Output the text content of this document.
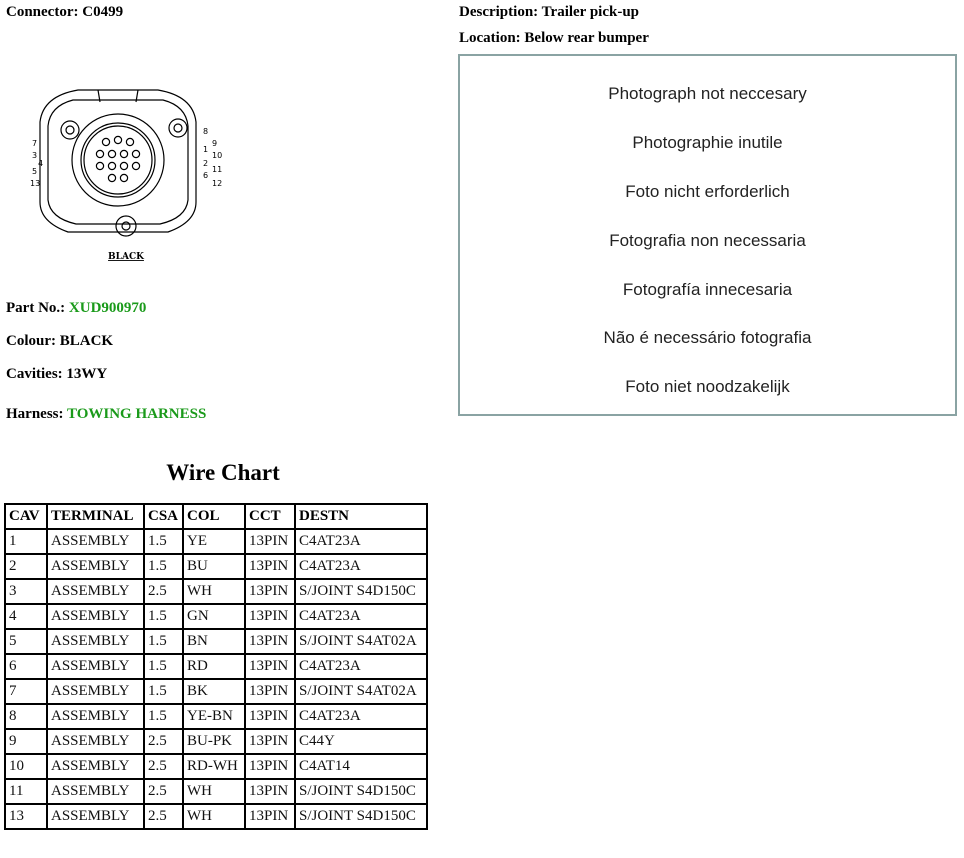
Connector: C0499	Description: Trailer pick-up
Location: Below rear bumper
7
3
4
5
13
8
9
1
10
2
11
6
12
BLACK
Part No.: XUD900970
Colour: BLACK
Cavities: 13WY
Harness: TOWING HARNESS
Photograph not neccesary
Photographie inutile
Foto nicht erforderlich
Fotografia non necessaria
Fotografía innecesaria
Não é necessário fotografia
Foto niet noodzakelijk
Wire Chart
CAV	TERMINAL	CSA	COL	CCT	DESTN
1	ASSEMBLY	1.5	YE	13PIN	C4AT23A
2	ASSEMBLY	1.5	BU	13PIN	C4AT23A
3	ASSEMBLY	2.5	WH	13PIN	S/JOINT S4D150C
4	ASSEMBLY	1.5	GN	13PIN	C4AT23A
5	ASSEMBLY	1.5	BN	13PIN	S/JOINT S4AT02A
6	ASSEMBLY	1.5	RD	13PIN	C4AT23A
7	ASSEMBLY	1.5	BK	13PIN	S/JOINT S4AT02A
8	ASSEMBLY	1.5	YE-BN	13PIN	C4AT23A
9	ASSEMBLY	2.5	BU-PK	13PIN	C44Y
10	ASSEMBLY	2.5	RD-WH	13PIN	C4AT14
11	ASSEMBLY	2.5	WH	13PIN	S/JOINT S4D150C
13	ASSEMBLY	2.5	WH	13PIN	S/JOINT S4D150C
